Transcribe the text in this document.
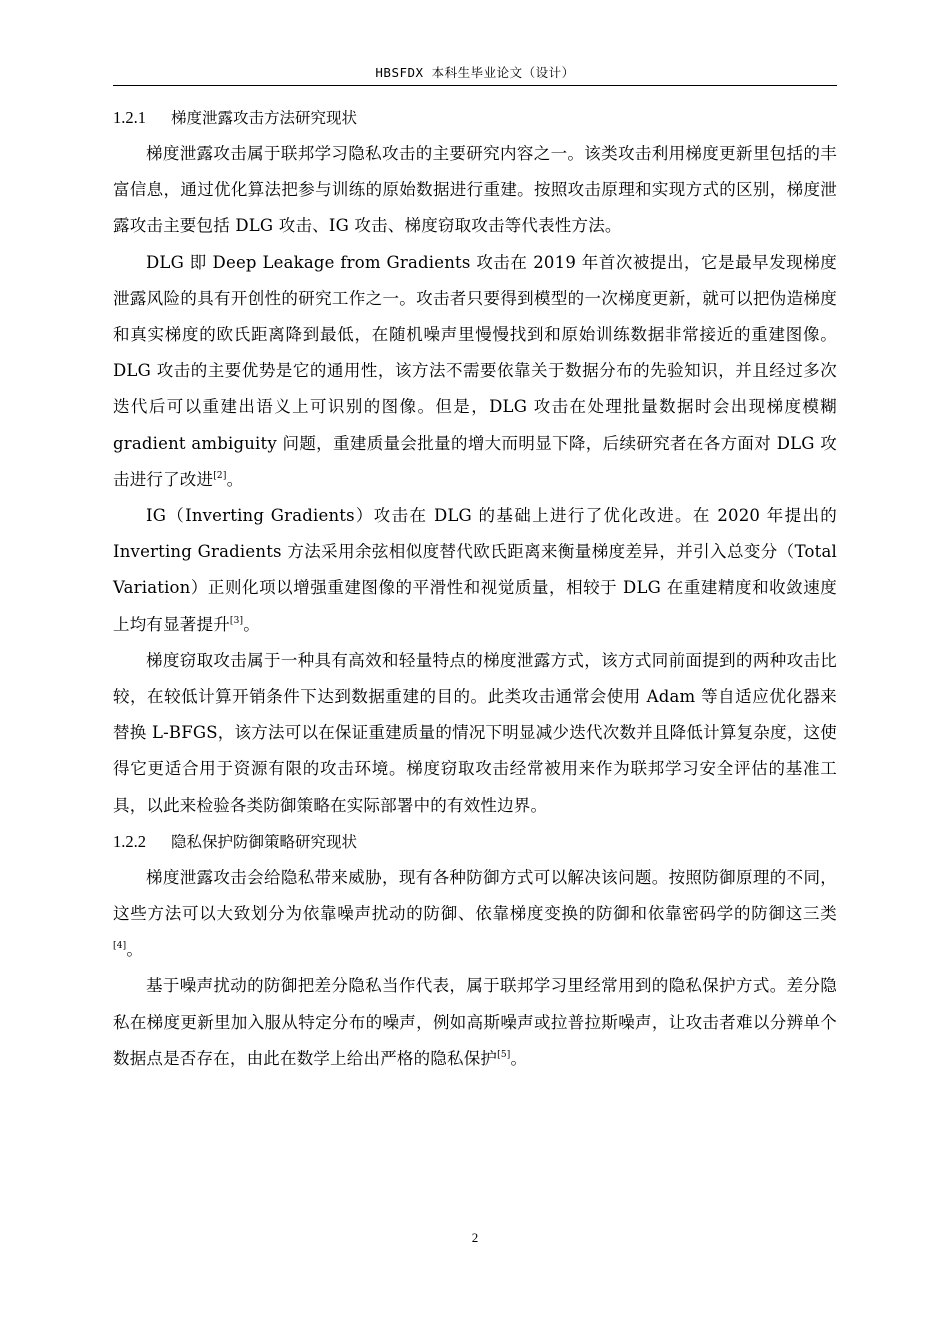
HBSFDX 本科生毕业论文（设计）
1.2.1 梯度泄露攻击方法研究现状

梯度泄露攻击属于联邦学习隐私攻击的主要研究内容之一。该类攻击利用梯度更新里包括的丰富信息，通过优化算法把参与训练的原始数据进行重建。按照攻击原理和实现方式的区别，梯度泄露攻击主要包括 DLG 攻击、IG 攻击、梯度窃取攻击等代表性方法。

DLG 即 Deep Leakage from Gradients 攻击在 2019 年首次被提出，它是最早发现梯度泄露风险的具有开创性的研究工作之一。攻击者只要得到模型的一次梯度更新，就可以把伪造梯度和真实梯度的欧氏距离降到最低，在随机噪声里慢慢找到和原始训练数据非常接近的重建图像。DLG 攻击的主要优势是它的通用性，该方法不需要依靠关于数据分布的先验知识，并且经过多次迭代后可以重建出语义上可识别的图像。但是，DLG 攻击在处理批量数据时会出现梯度模糊 gradient ambiguity 问题，重建质量会批量的增大而明显下降，后续研究者在各方面对 DLG 攻击进行了改进[2]。

IG（Inverting Gradients）攻击在 DLG 的基础上进行了优化改进。在 2020 年提出的 Inverting Gradients 方法采用余弦相似度替代欧氏距离来衡量梯度差异，并引入总变分（Total Variation）正则化项以增强重建图像的平滑性和视觉质量，相较于 DLG 在重建精度和收敛速度上均有显著提升[3]。

梯度窃取攻击属于一种具有高效和轻量特点的梯度泄露方式，该方式同前面提到的两种攻击比较，在较低计算开销条件下达到数据重建的目的。此类攻击通常会使用 Adam 等自适应优化器来替换 L-BFGS，该方法可以在保证重建质量的情况下明显减少迭代次数并且降低计算复杂度，这使得它更适合用于资源有限的攻击环境。梯度窃取攻击经常被用来作为联邦学习安全评估的基准工具，以此来检验各类防御策略在实际部署中的有效性边界。

1.2.2 隐私保护防御策略研究现状

梯度泄露攻击会给隐私带来威胁，现有各种防御方式可以解决该问题。按照防御原理的不同，这些方法可以大致划分为依靠噪声扰动的防御、依靠梯度变换的防御和依靠密码学的防御这三类[4]。

基于噪声扰动的防御把差分隐私当作代表，属于联邦学习里经常用到的隐私保护方式。差分隐私在梯度更新里加入服从特定分布的噪声，例如高斯噪声或拉普拉斯噪声，让攻击者难以分辨单个数据点是否存在，由此在数学上给出严格的隐私保护[5]。

2
